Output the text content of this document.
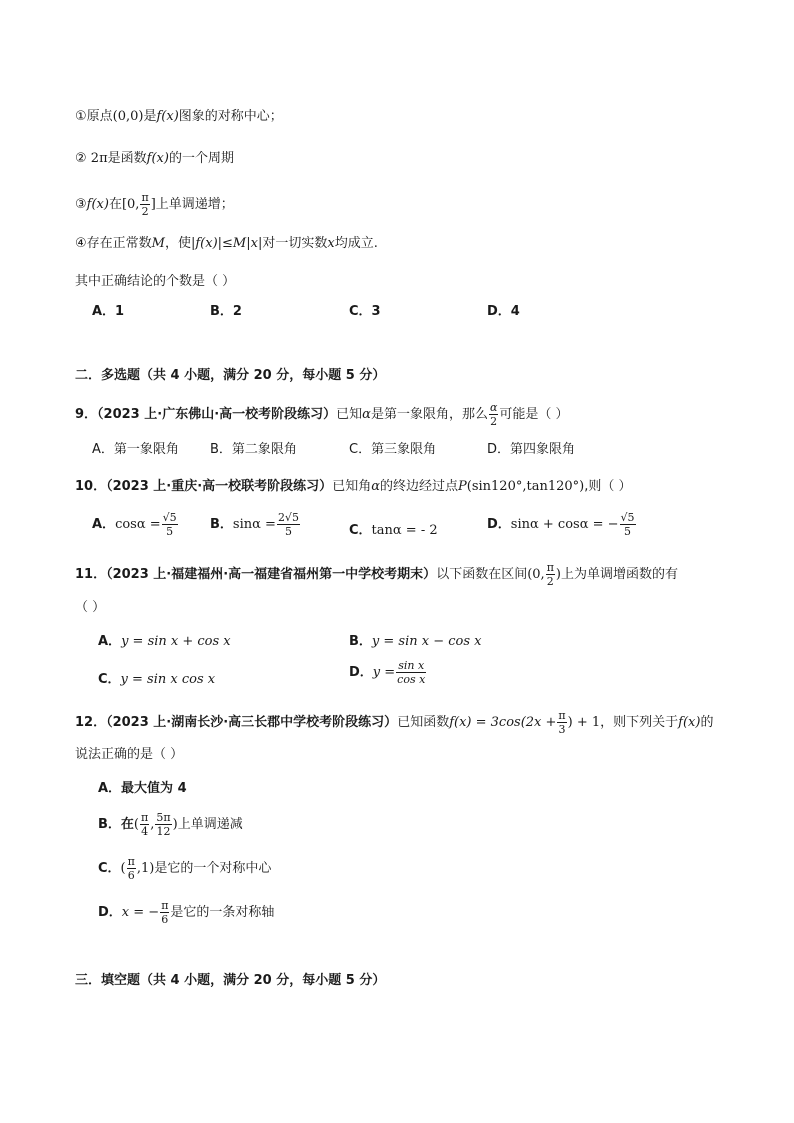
①原点(0,0)是f(x)图象的对称中心；
② 2π是函数f(x)的一个周期
③f(x)在[0, $\frac{\pi}{2}$ ]上单调递增；
④存在正常数M，使|f(x)|≤M|x|对一切实数x均成立.
其中正确结论的个数是（ ）
A．1	B．2	C．3	D．4
二．多选题（共 4 小题，满分 20 分，每小题 5 分）
9．（2023 上·广东佛山·高一校考阶段练习）已知α是第一象限角，那么 $\frac{\alpha}{2}$ 可能是（ ）
A．第一象限角 B．第二象限角	C．第三象限角	D．第四象限角
10．（2023 上·重庆·高一校联考阶段练习）已知角α的终边经过点P(sin120°,tan120°),则（ ）
A．$\cos\alpha = \frac{√5}{5}$ B．$\sin\alpha = \frac{2√5}{5}$	C．tanα = - 2	D．sinα + cosα = − $\frac{√5}{5}$
11．（2023 上·福建福州·高一福建省福州第一中学校考期末）以下函数在区间(0, $\frac{\pi}{2}$ )上为单调增函数的有
（ ）
A．y = sin x + cos x	B．y = sin x − cos x
C．y = sin x cos x	D．$y = \frac{\text{sin x}}{\text{cos x}}$
12．（2023 上·湖南长沙·高三长郡中学校考阶段练习）已知函数$f(x) = 3\cos(2x + \frac{\pi}{3}$ ) + 1，则下列关于f(x)的
说法正确的是（ ）
A．最大值为 4
B．在( $\frac{\pi}{4}$ , $\frac{5\pi}{12}$ )上单调递减
C．( $\frac{\pi}{6} ,1$)是它的一个对称中心
D．x = − $\frac{\pi}{6}$ 是它的一条对称轴
三．填空题（共 4 小题，满分 20 分，每小题 5 分）
